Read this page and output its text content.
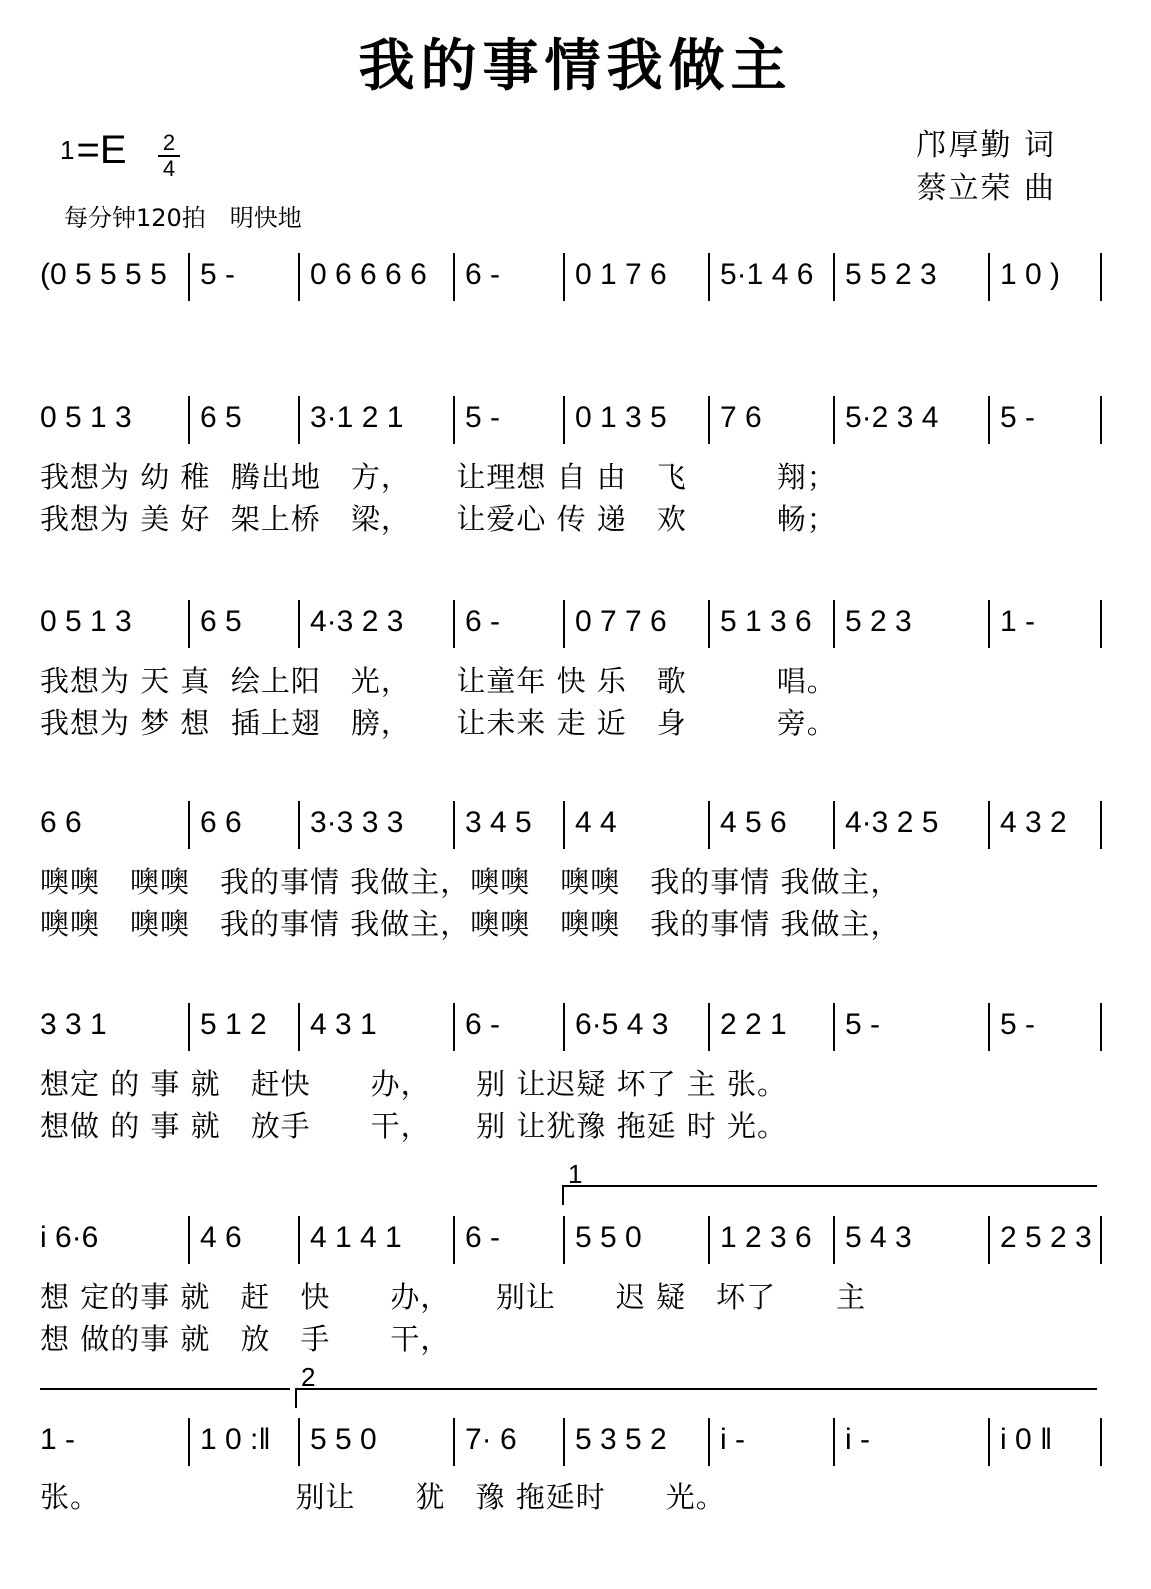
我的事情我做主
1=E 2
4
每分钟120拍　明快地
邝厚勤 词
蔡立荣 曲
(0 5 5 5 5 5 - 0 6 6 6 6 6 - 0 1 7 6 5·1 4 6 5 5 2 3 1 0 )
0 5 1 3 6 5 3·1 2 1 5 - 0 1 3 5 7 6	5·2 3 4 5 -
我想为 幼 稚  腾出地　方，　　让理想 自 由　飞　　　翔；
我想为 美 好  架上桥　梁，　　让爱心 传 递　欢　　　畅；
0 5 1 3 6 5 4·3 2 3 6 - 0 7 7 6 5 1 3 6 5 2 3	1 -
我想为 天 真  绘上阳　光，　　让童年 快 乐　歌　　　唱。
我想为 梦 想  插上翅　膀，　　让未来 走 近　身　　　旁。
6 6	6 6 3·3 3 3 3 4 5 4 4	4 5 6 4·3 2 5 4 3 2
噢噢　噢噢　我的事情 我做主，噢噢　噢噢　我的事情 我做主，
噢噢　噢噢　我的事情 我做主，噢噢　噢噢　我的事情 我做主，
3 3 1	5 1 2 4 3 1	6 - 6·5 4 3 2 2 1 5 -	5 -
想定 的 事 就　赶快　　办，　　别 让迟疑 坏了 主 张。
想做 的 事 就　放手　　干，　　别 让犹豫 拖延 时 光。
i 6·6	4 6 4 1 4 1 6 - 5 5 0	1 2 3 6 5 4 3	2 5 2 3
想 定的事 就　赶　快　　办，　　别让　　迟 疑　坏了　　主
想 做的事 就　放　手　　干，
1
1 -	1 0 :‖ 5 5 0	7· 6 5 3 5 2 i -	i -	i 0 ‖
张。　　　　　　　别让　　犹　豫 拖延时　　光。
2
